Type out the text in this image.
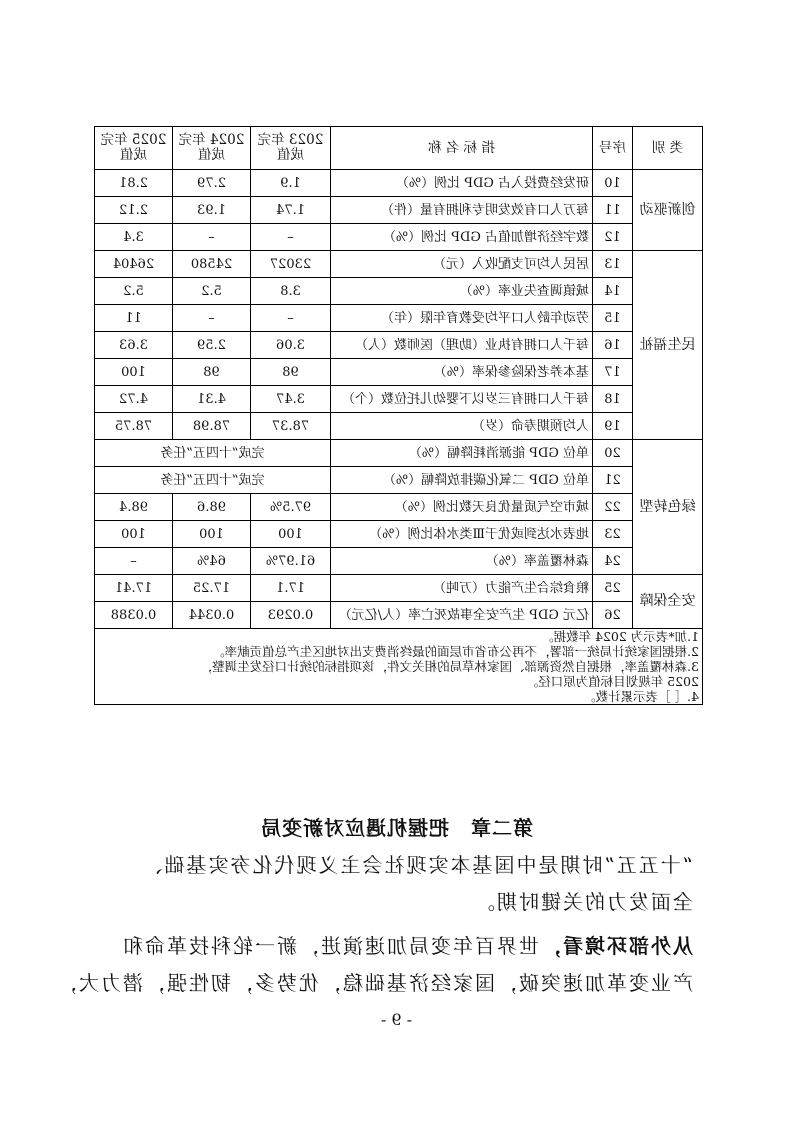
类 别	序号	指 标 名 称	2023 年完成值	2024 年完成值	2025 年完成值
创新驱动	10	研发经费投入占 GDP 比例（%）	1.9	2.79	2.81
	11	每万人口有效发明专利拥有量（件）	1.74	1.93	2.12
	12	数字经济增加值占 GDP 比例（%）	–	–	3.4
民生福祉	13	居民人均可支配收入（元）	23027	24580	26404
	14	城镇调查失业率（%）	3.8	5.2	5.2
	15	劳动年龄人口平均受教育年限（年）	–	–	11
	16	每千人口拥有执业（助理）医师数（人）	3.06	2.59	3.63
	17	基本养老保险参保率（%）	98	98	100
	18	每千人口拥有三岁以下婴幼儿托位数（个）	3.47	4.31	4.72
	19	人均预期寿命（岁）	78.37	78.98	78.75
绿色转型	20	单位 GDP 能源消耗降幅（%）	完成“十四五”任务		
	21	单位 GDP 二氧化碳排放降幅（%）	完成“十四五”任务		
	22	城市空气质量优良天数比例（%）	97.5%	98.6	98.4
	23	地表水达到或优于Ⅲ类水体比例（%）	100	100	100
	24	森林覆盖率（%）	61.97%	64%	–
安全保障	25	粮食综合生产能力（万吨）	17.1	17.25	17.41
	26	亿元 GDP 生产安全事故死亡率（人/亿元）	0.0293	0.0344	0.0388

1.加*表示为 2024 年数据。
2.根据国家统计局统一部署，不再公布省市层面的最终消费支出对地区生产总值贡献率。
3.森林覆盖率，根据自然资源部、国家林草局的相关文件，该项指标的统计口径发生调整，
2025 年规划目标值为原口径。
4.［ ］表示累计数。					
第二章　把握机遇应对新变局
“十五五”时期是中国基本实现社会主义现代化夯实基础、
全面发力的关键时期。
从外部环境看，世界百年变局加速演进，新一轮科技革命和
产业变革加速突破，国家经济基础稳，优势多，韧性强，潜力大，
- 9 -
